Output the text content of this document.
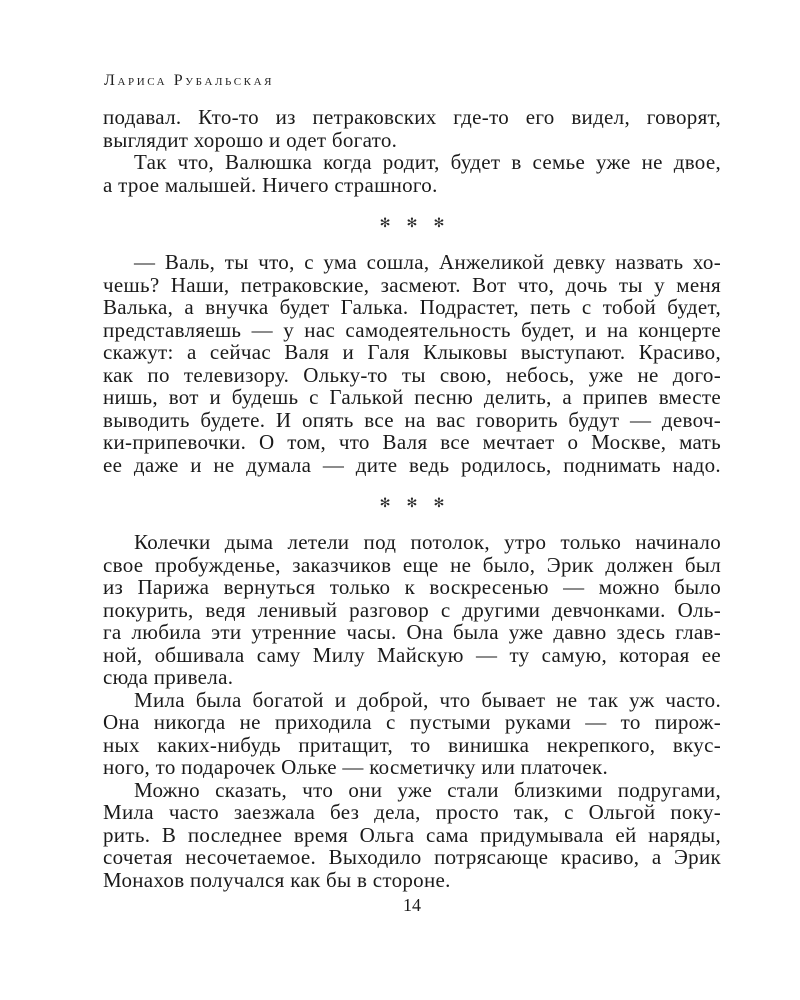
Лариса Рубальская
подавал. Кто-то из петраковских где-то его видел, говорят,
выглядит хорошо и одет богато.
Так что, Валюшка когда родит, будет в семье уже не двое,
а трое малышей. Ничего страшного.
✻ ✻ ✻
— Валь, ты что, с ума сошла, Анжеликой девку назвать хо-
чешь? Наши, петраковские, засмеют. Вот что, дочь ты у меня
Валька, а внучка будет Галька. Подрастет, петь с тобой будет,
представляешь — у нас самодеятельность будет, и на концерте
скажут: а сейчас Валя и Галя Клыковы выступают. Красиво,
как по телевизору. Ольку-то ты свою, небось, уже не дого-
нишь, вот и будешь с Галькой песню делить, а припев вместе
выводить будете. И опять все на вас говорить будут — девоч-
ки-припевочки. О том, что Валя все мечтает о Москве, мать
ее даже и не думала — дите ведь родилось, поднимать надо.
✻ ✻ ✻
Колечки дыма летели под потолок, утро только начинало
свое пробужденье, заказчиков еще не было, Эрик должен был
из Парижа вернуться только к воскресенью — можно было
покурить, ведя ленивый разговор с другими девчонками. Оль-
га любила эти утренние часы. Она была уже давно здесь глав-
ной, обшивала саму Милу Майскую — ту самую, которая ее
сюда привела.
Мила была богатой и доброй, что бывает не так уж часто.
Она никогда не приходила с пустыми руками — то пирож-
ных каких-нибудь притащит, то винишка некрепкого, вкус-
ного, то подарочек Ольке — косметичку или платочек.
Можно сказать, что они уже стали близкими подругами,
Мила часто заезжала без дела, просто так, с Ольгой поку-
рить. В последнее время Ольга сама придумывала ей наряды,
сочетая несочетаемое. Выходило потрясающе красиво, а Эрик
Монахов получался как бы в стороне.
14
